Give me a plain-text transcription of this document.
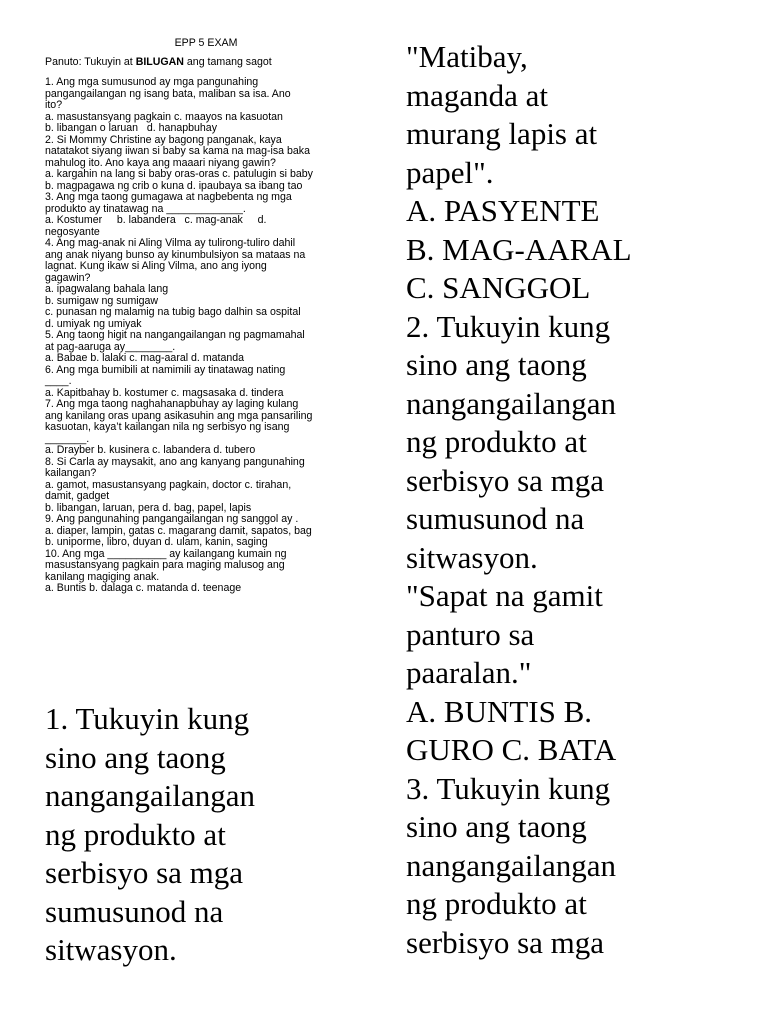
EPP 5 EXAM
Panuto: Tukuyin at BILUGAN ang tamang sagot
1. Ang mga sumusunod ay mga pangunahing
pangangailangan ng isang bata, maliban sa isa. Ano
ito?
a. masustansyang pagkain c. maayos na kasuotan
b. libangan o laruan   d. hanapbuhay
2. Si Mommy Christine ay bagong panganak, kaya
natatakot siyang iiwan si baby sa kama na mag-isa baka
mahulog ito. Ano kaya ang maaari niyang gawin?
a. kargahin na lang si baby oras-oras c. patulugin si baby
b. magpagawa ng crib o kuna d. ipaubaya sa ibang tao
3. Ang mga taong gumagawa at nagbebenta ng mga
produkto ay tinatawag na _____________.
a. Kostumer     b. labandera   c. mag-anak     d.
negosyante
4. Ang mag-anak ni Aling Vilma ay tulirong-tuliro dahil
ang anak niyang bunso ay kinumbulsiyon sa mataas na
lagnat. Kung ikaw si Aling Vilma, ano ang iyong
gagawin?
a. ipagwalang bahala lang
b. sumigaw ng sumigaw
c. punasan ng malamig na tubig bago dalhin sa ospital
d. umiyak ng umiyak
5. Ang taong higit na nangangailangan ng pagmamahal
at pag-aaruga ay________.
a. Babae b. lalaki c. mag-aaral d. matanda
6. Ang mga bumibili at namimili ay tinatawag nating
____.
a. Kapitbahay b. kostumer c. magsasaka d. tindera
7. Ang mga taong naghahanapbuhay ay laging kulang
ang kanilang oras upang asikasuhin ang mga pansariling
kasuotan, kaya’t kailangan nila ng serbisyo ng isang
_______.
a. Drayber b. kusinera c. labandera d. tubero
8. Si Carla ay maysakit, ano ang kanyang pangunahing
kailangan?
a. gamot, masustansyang pagkain, doctor c. tirahan,
damit, gadget
b. libangan, laruan, pera d. bag, papel, lapis
9. Ang pangunahing pangangailangan ng sanggol ay .
a. diaper, lampin, gatas c. magarang damit, sapatos, bag
b. uniporme, libro, duyan d. ulam, kanin, saging
10. Ang mga __________ ay kailangang kumain ng
masustansyang pagkain para maging malusog ang
kanilang magiging anak.
a. Buntis b. dalaga c. matanda d. teenage
1. Tukuyin kung
sino ang taong
nangangailangan
ng produkto at
serbisyo sa mga
sumusunod na
sitwasyon.
"Matibay,
maganda at
murang lapis at
papel".
A. PASYENTE
B. MAG-AARAL
C. SANGGOL
2. Tukuyin kung
sino ang taong
nangangailangan
ng produkto at
serbisyo sa mga
sumusunod na
sitwasyon.
"Sapat na gamit
panturo sa
paaralan."
A. BUNTIS B.
GURO C. BATA
3. Tukuyin kung
sino ang taong
nangangailangan
ng produkto at
serbisyo sa mga
